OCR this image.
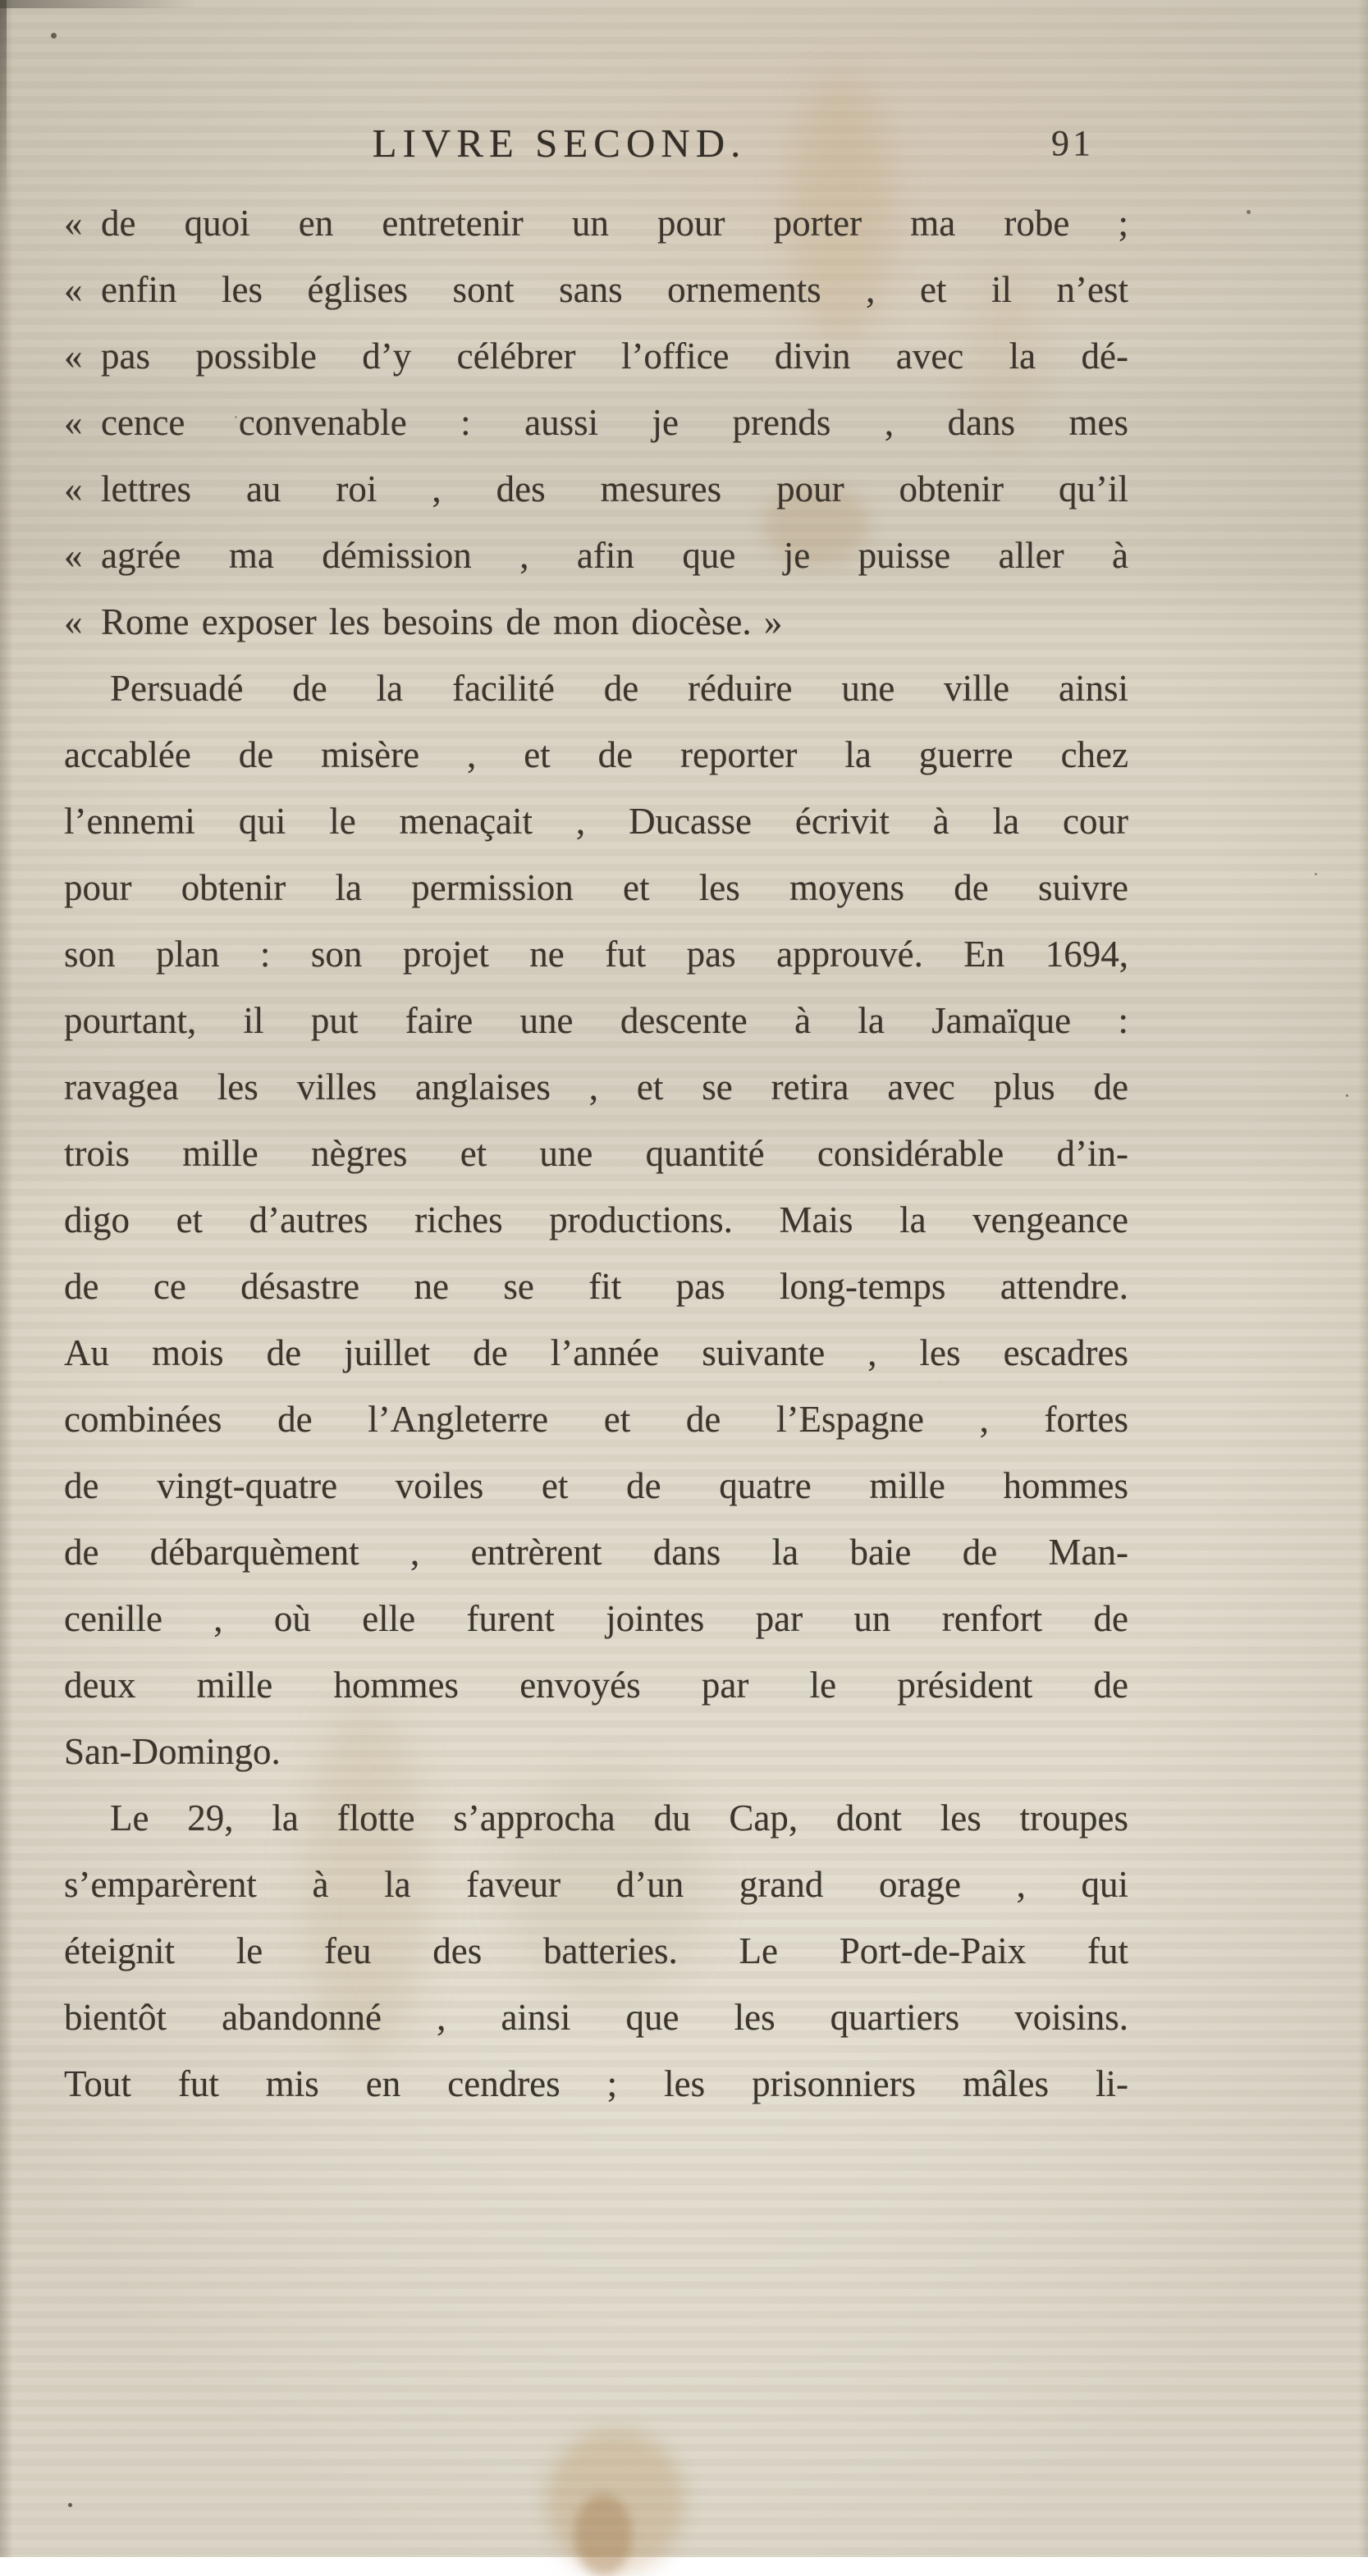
LIVRE SECOND.	91

« de quoi en entretenir un pour porter ma robe ;

« enfin les églises sont sans ornements , et il n’est

« pas possible d’y célébrer l’office divin avec la dé-

« cence convenable : aussi je prends , dans mes

« lettres au roi , des mesures pour obtenir qu’il

« agrée ma démission , afin que je puisse aller à

« Rome exposer les besoins de mon diocèse. »

Persuadé de la facilité de réduire une ville ainsi

accablée de misère , et de reporter la guerre chez

l’ennemi qui le menaçait , Ducasse écrivit à la cour

pour obtenir la permission et les moyens de suivre

son plan : son projet ne fut pas approuvé. En 1694,

pourtant, il put faire une descente à la Jamaïque :

ravagea les villes anglaises , et se retira avec plus de

trois mille nègres et une quantité considérable d’in-

digo et d’autres riches productions. Mais la vengeance

de ce désastre ne se fit pas long-temps attendre.

Au mois de juillet de l’année suivante , les escadres

combinées de l’Angleterre et de l’Espagne , fortes

de vingt-quatre voiles et de quatre mille hommes

de débarquèment , entrèrent dans la baie de Man-

cenille , où elle furent jointes par un renfort de

deux mille hommes envoyés par le président de

San-Domingo.

Le 29, la flotte s’approcha du Cap, dont les troupes

s’emparèrent à la faveur d’un grand orage , qui

éteignit le feu des batteries. Le Port-de-Paix fut

bientôt abandonné , ainsi que les quartiers voisins.

Tout fut mis en cendres ; les prisonniers mâles li-
